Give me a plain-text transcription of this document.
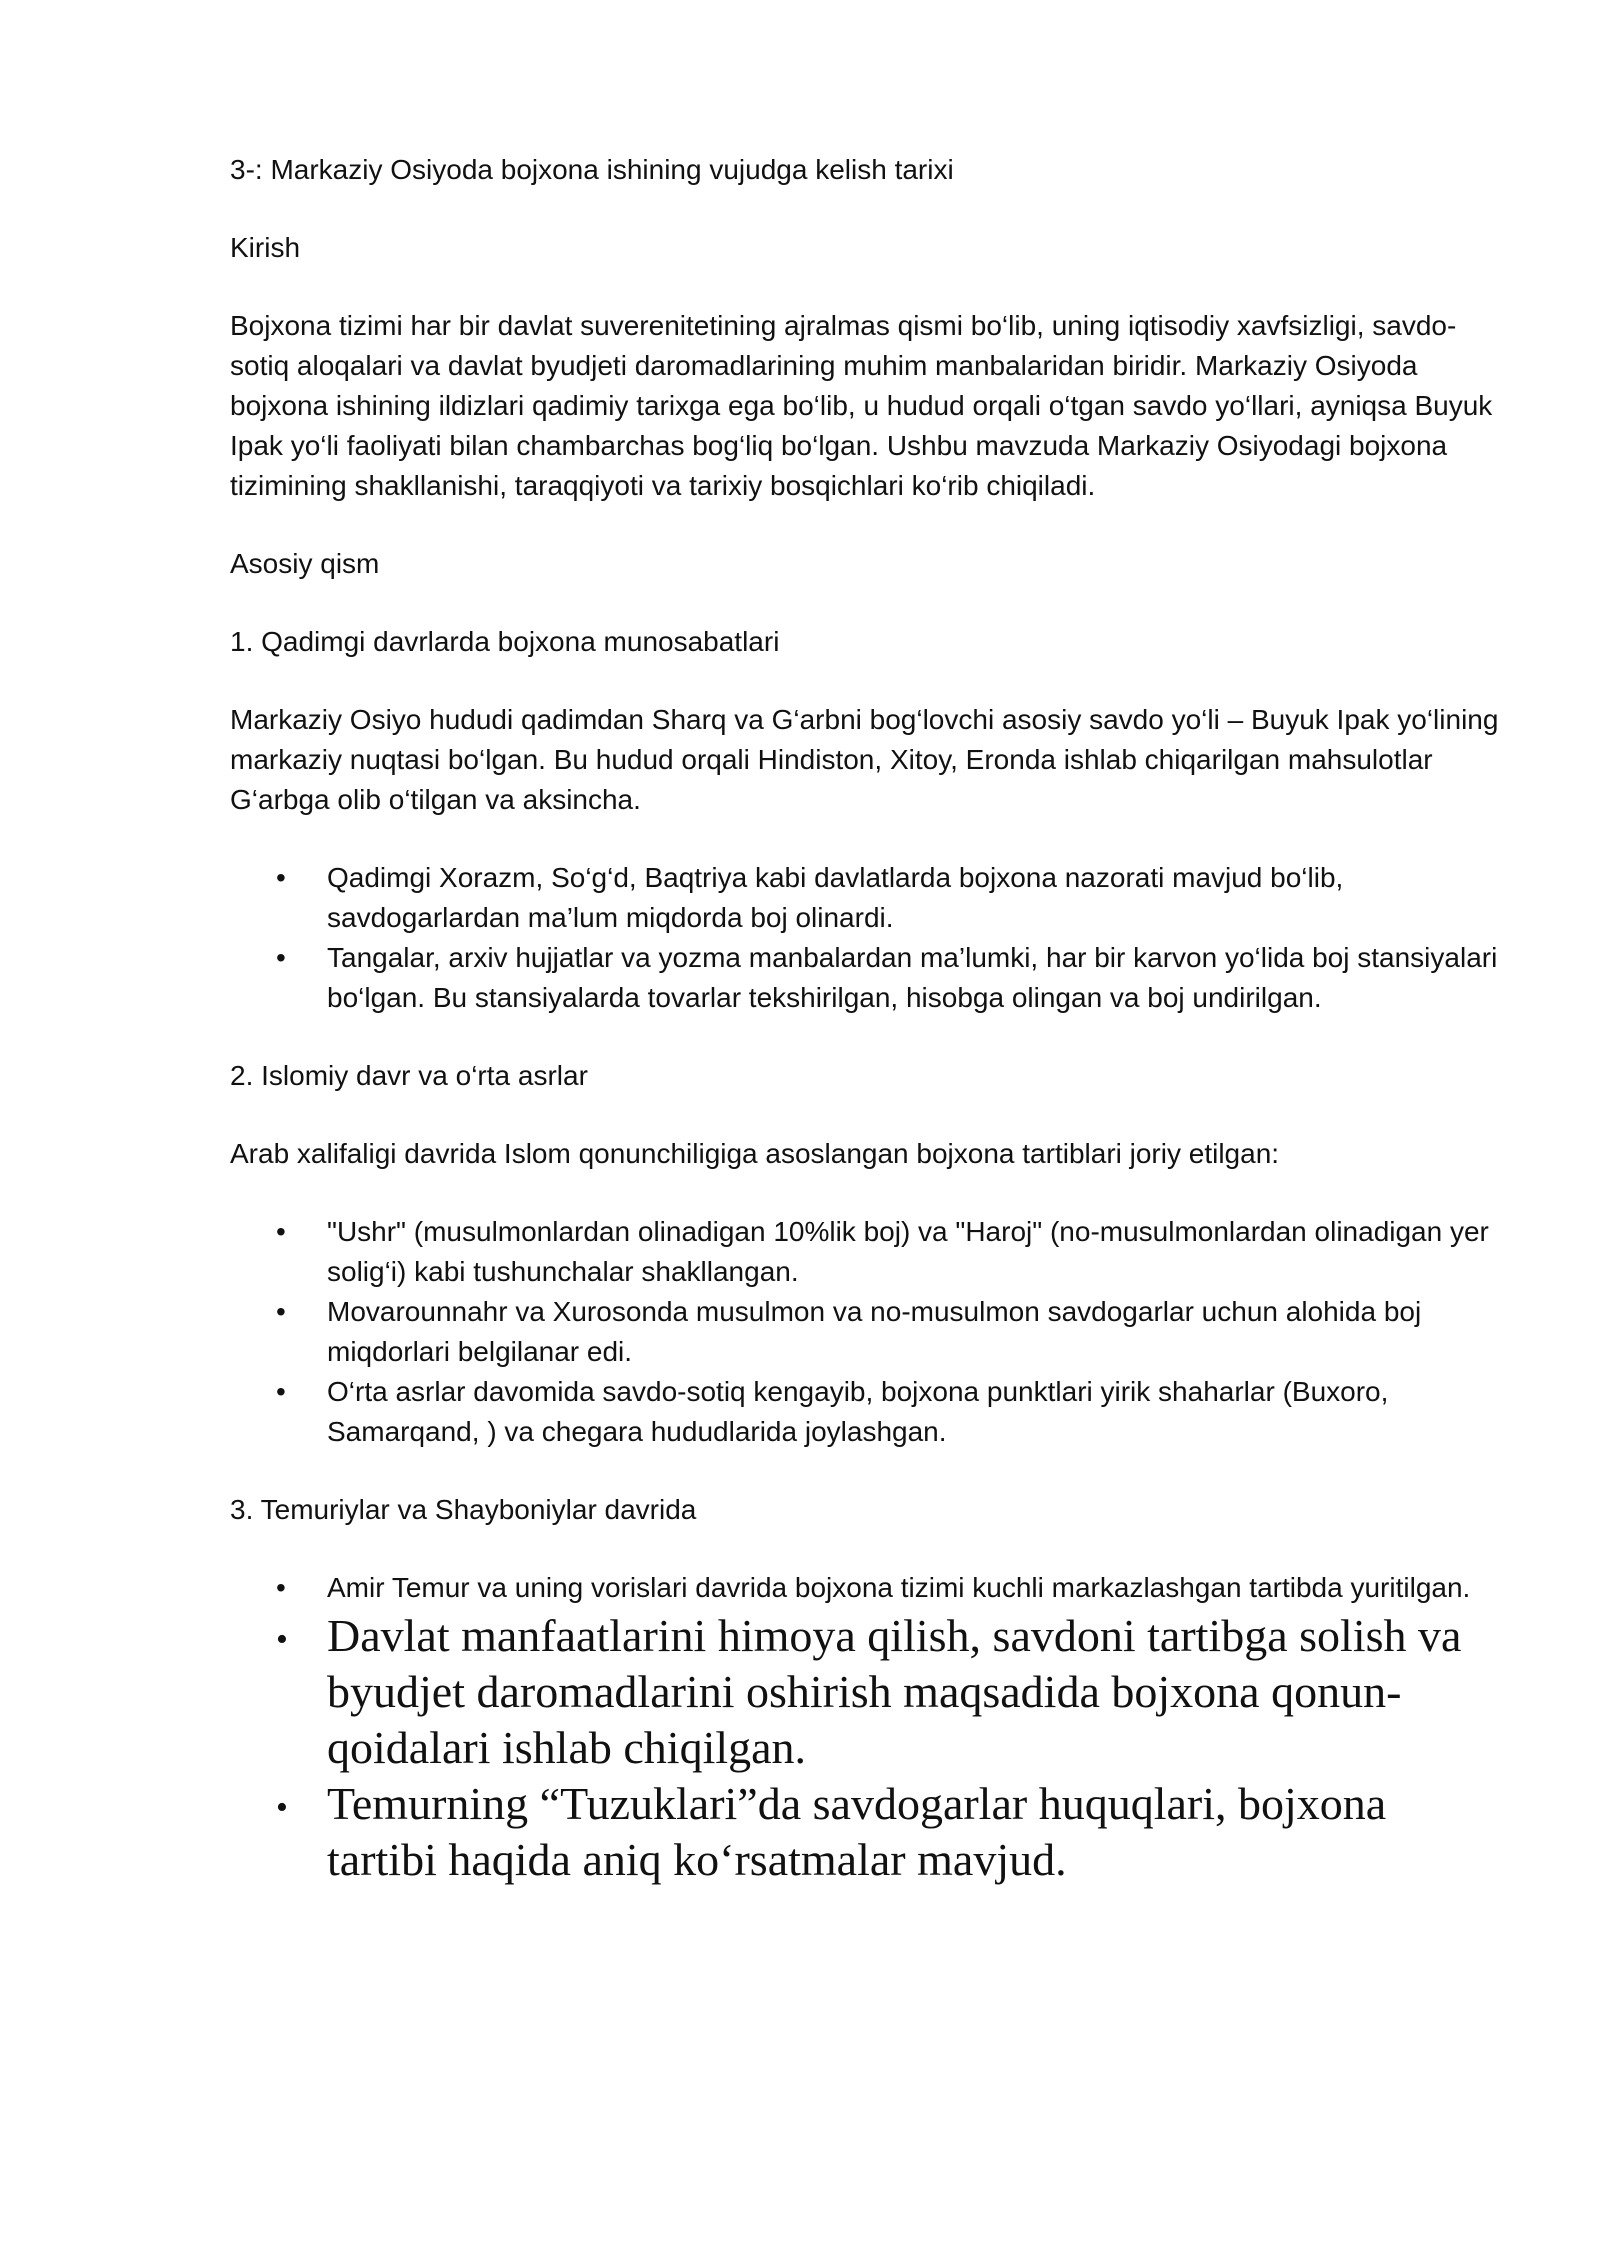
3-: Markaziy Osiyoda bojxona ishining vujudga kelish tarixi

Kirish

Bojxona tizimi har bir davlat suverenitetining ajralmas qismi bo‘lib, uning iqtisodiy xavfsizligi, savdo-sotiq aloqalari va davlat byudjeti daromadlarining muhim manbalaridan biridir. Markaziy Osiyoda bojxona ishining ildizlari qadimiy tarixga ega bo‘lib, u hudud orqali o‘tgan savdo yo‘llari, ayniqsa Buyuk Ipak yo‘li faoliyati bilan chambarchas bog‘liq bo‘lgan. Ushbu mavzuda Markaziy Osiyodagi bojxona tizimining shakllanishi, taraqqiyoti va tarixiy bosqichlari ko‘rib chiqiladi.

Asosiy qism

1. Qadimgi davrlarda bojxona munosabatlari

Markaziy Osiyo hududi qadimdan Sharq va G‘arbni bog‘lovchi asosiy savdo yo‘li – Buyuk Ipak yo‘lining markaziy nuqtasi bo‘lgan. Bu hudud orqali Hindiston, Xitoy, Eronda ishlab chiqarilgan mahsulotlar G‘arbga olib o‘tilgan va aksincha.

• Qadimgi Xorazm, So‘g‘d, Baqtriya kabi davlatlarda bojxona nazorati mavjud bo‘lib, savdogarlardan ma’lum miqdorda boj olinardi.
• Tangalar, arxiv hujjatlar va yozma manbalardan ma’lumki, har bir karvon yo‘lida boj stansiyalari bo‘lgan. Bu stansiyalarda tovarlar tekshirilgan, hisobga olingan va boj undirilgan.

2. Islomiy davr va o‘rta asrlar

Arab xalifaligi davrida Islom qonunchiligiga asoslangan bojxona tartiblari joriy etilgan:

• "Ushr" (musulmonlardan olinadigan 10%lik boj) va "Haroj" (no-musulmonlardan olinadigan yer solig‘i) kabi tushunchalar shakllangan.
• Movarounnahr va Xurosonda musulmon va no-musulmon savdogarlar uchun alohida boj miqdorlari belgilanar edi.
• O‘rta asrlar davomida savdo-sotiq kengayib, bojxona punktlari yirik shaharlar (Buxoro, Samarqand, ) va chegara hududlarida joylashgan.

3. Temuriylar va Shayboniylar davrida

• Amir Temur va uning vorislari davrida bojxona tizimi kuchli markazlashgan tartibda yuritilgan.
• Davlat manfaatlarini himoya qilish, savdoni tartibga solish va byudjet daromadlarini oshirish maqsadida bojxona qonun-qoidalari ishlab chiqilgan.
• Temurning “Tuzuklari”da savdogarlar huquqlari, bojxona tartibi haqida aniq ko‘rsatmalar mavjud.
